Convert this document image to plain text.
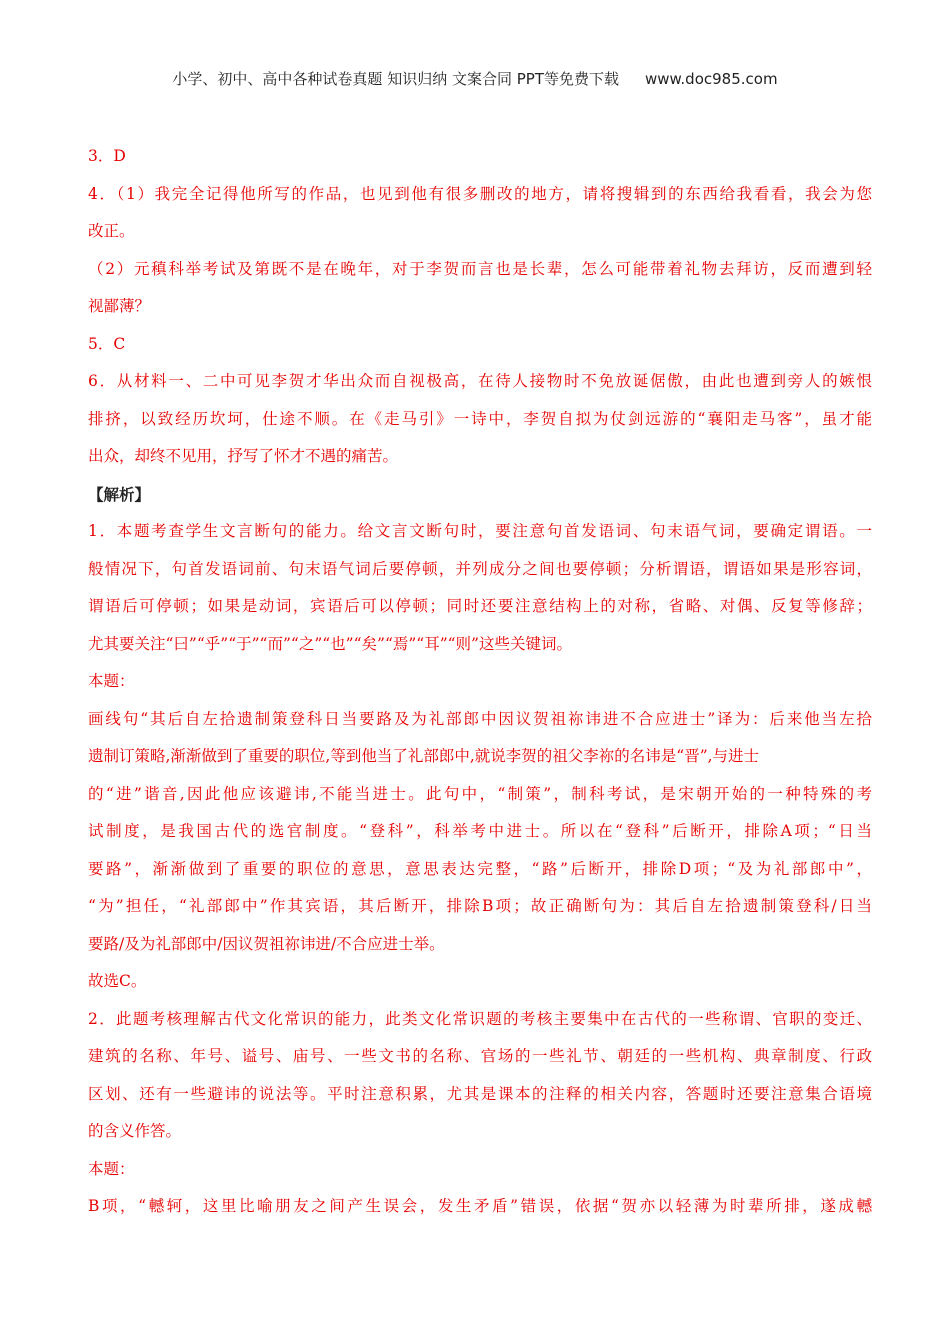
小学、初中、高中各种试卷真题 知识归纳 文案合同 PPT等免费下载 www.doc985.com
3．D
4．（1）我完全记得他所写的作品，也见到他有很多删改的地方，请将搜辑到的东西给我看看，我会为您
改正。
（2）元稹科举考试及第既不是在晚年，对于李贺而言也是长辈，怎么可能带着礼物去拜访，反而遭到轻
视鄙薄？
5．C
6．从材料一、二中可见李贺才华出众而自视极高，在待人接物时不免放诞倨傲，由此也遭到旁人的嫉恨
排挤，以致经历坎坷，仕途不顺。在《走马引》一诗中，李贺自拟为仗剑远游的“襄阳走马客”，虽才能
出众，却终不见用，抒写了怀才不遇的痛苦。
【解析】
1．本题考查学生文言断句的能力。给文言文断句时，要注意句首发语词、句末语气词，要确定谓语。一
般情况下，句首发语词前、句末语气词后要停顿，并列成分之间也要停顿；分析谓语，谓语如果是形容词，
谓语后可停顿；如果是动词，宾语后可以停顿；同时还要注意结构上的对称，省略、对偶、反复等修辞；
尤其要关注“曰”“乎”“于”“而”“之”“也”“矣”“焉”“耳”“则”这些关键词。
本题：
画线句“其后自左拾遗制策登科日当要路及为礼部郎中因议贺祖祢讳进不合应进士”译为：后来他当左拾
遗制订策略,渐渐做到了重要的职位,等到他当了礼部郎中,就说李贺的祖父李祢的名讳是“晋”,与进士
的“进”谐音,因此他应该避讳,不能当进士。此句中，“制策”，制科考试，是宋朝开始的一种特殊的考
试制度，是我国古代的选官制度。“登科”，科举考中进士。所以在“登科”后断开，排除A项；“日当
要路”，渐渐做到了重要的职位的意思，意思表达完整，“路”后断开，排除D项；“及为礼部郎中”，
“为”担任，“礼部郎中”作其宾语，其后断开，排除B项；故正确断句为：其后自左拾遗制策登科/日当
要路/及为礼部郎中/因议贺祖祢讳进/不合应进士举。
故选C。
2．此题考核理解古代文化常识的能力，此类文化常识题的考核主要集中在古代的一些称谓、官职的变迁、
建筑的名称、年号、谥号、庙号、一些文书的名称、官场的一些礼节、朝廷的一些机构、典章制度、行政
区划、还有一些避讳的说法等。平时注意积累，尤其是课本的注释的相关内容，答题时还要注意集合语境
的含义作答。
本题：
B项，“轗轲，这里比喻朋友之间产生误会，发生矛盾”错误，依据“贺亦以轻薄为时辈所排，遂成轗
